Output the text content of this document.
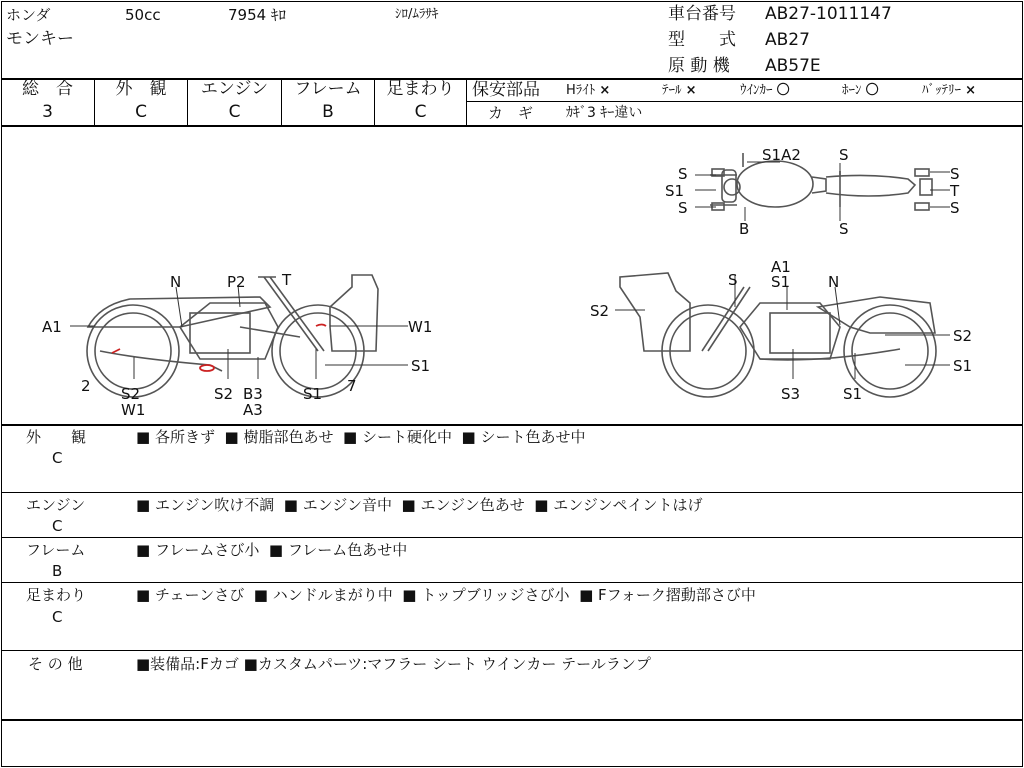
ホンダ	50cc	7954 ｷﾛ	ｼﾛ/ﾑﾗｻｷ
モンキー
車台番号 AB27-1011147
型　　式 AB27
原 動 機 AB57E
総　合
3
外　観
C
エンジン
C
フレーム
B
足まわり
C
保安部品 Hﾗｲﾄ ×	ﾃｰﾙ ×	ｳｲﾝｶｰ 〇	ﾎｰﾝ 〇	ﾊﾞｯﾃﾘｰ ×
カ　ギ ｶｷﾞ3 ｷｰ違い
S1A2	S
S	S
S
S1
S
T
S
B
N	P2 T
A1	W1
S1
2 S2
W1
S2 B3
A3
S1 7
A1
S S1	N
S2
S2
S1
S3	S1
外　　観
C
■ 各所きず ■ 樹脂部色あせ ■ シート硬化中 ■ シート色あせ中
エンジン
C
■ エンジン吹け不調 ■ エンジン音中 ■ エンジン色あせ ■ エンジンペイントはげ
フレーム
B
■ フレームさび小 ■ フレーム色あせ中
足まわり
C
■ チェーンさび ■ ハンドルまがり中 ■ トップブリッジさび小 ■ Fフォーク摺動部さび中
そ の 他	■装備品:Fカゴ ■カスタムパーツ:マフラー シート ウインカー テールランプ
